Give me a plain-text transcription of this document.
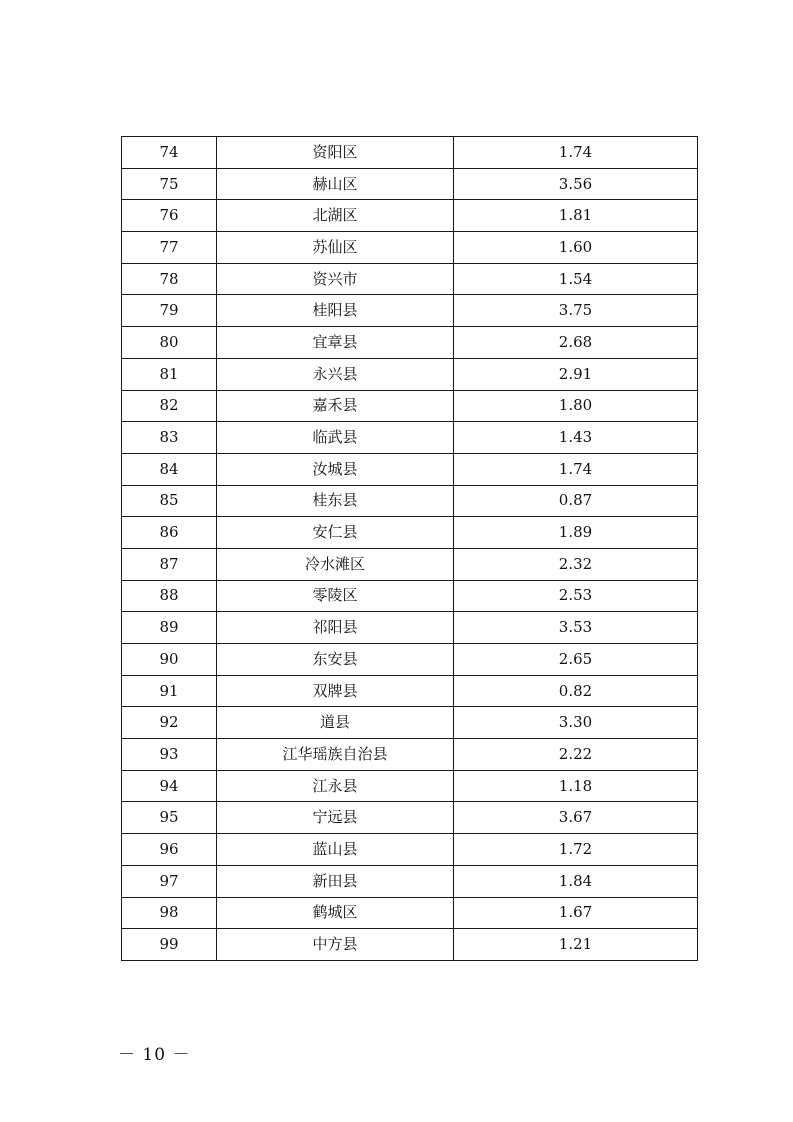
74	资阳区	1.74
75	赫山区	3.56
76	北湖区	1.81
77	苏仙区	1.60
78	资兴市	1.54
79	桂阳县	3.75
80	宜章县	2.68
81	永兴县	2.91
82	嘉禾县	1.80
83	临武县	1.43
84	汝城县	1.74
85	桂东县	0.87
86	安仁县	1.89
87	冷水滩区	2.32
88	零陵区	2.53
89	祁阳县	3.53
90	东安县	2.65
91	双牌县	0.82
92	道县	3.30
93	江华瑶族自治县	2.22
94	江永县	1.18
95	宁远县	3.67
96	蓝山县	1.72
97	新田县	1.84
98	鹤城区	1.67
99	中方县	1.21
－ 10 －
